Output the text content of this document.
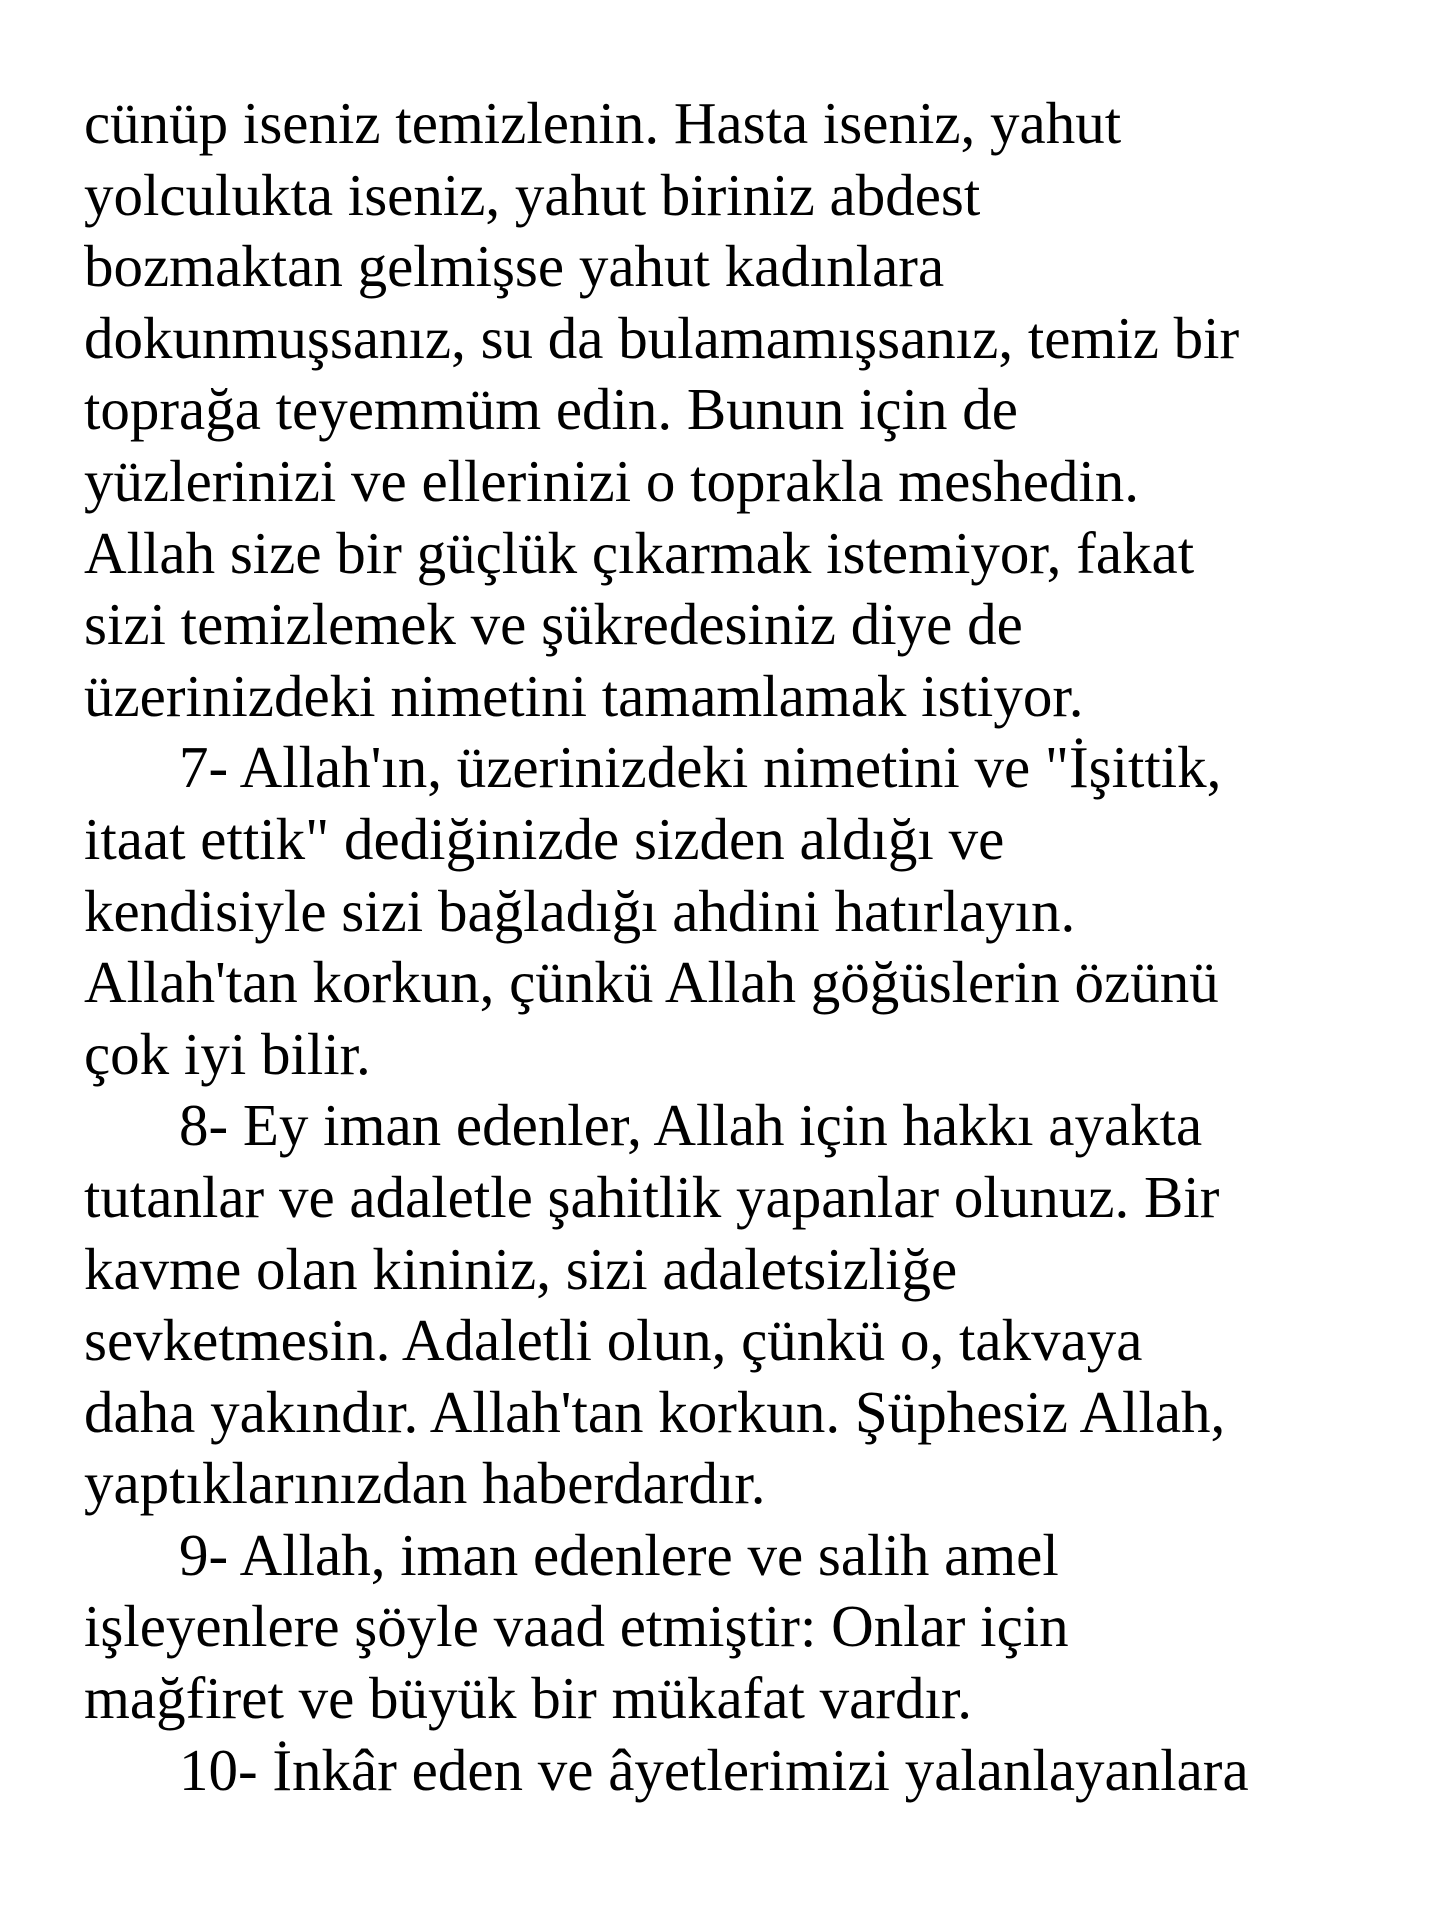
cünüp iseniz temizlenin. Hasta iseniz, yahut
yolculukta iseniz, yahut biriniz abdest
bozmaktan gelmişse yahut kadınlara
dokunmuşsanız, su da bulamamışsanız, temiz bir
toprağa teyemmüm edin. Bunun için de
yüzlerinizi ve ellerinizi o toprakla meshedin.
Allah size bir güçlük çıkarmak istemiyor, fakat
sizi temizlemek ve şükredesiniz diye de
üzerinizdeki nimetini tamamlamak istiyor.

7- Allah'ın, üzerinizdeki nimetini ve "İşittik,
itaat ettik" dediğinizde sizden aldığı ve
kendisiyle sizi bağladığı ahdini hatırlayın.
Allah'tan korkun, çünkü Allah göğüslerin özünü
çok iyi bilir.

8- Ey iman edenler, Allah için hakkı ayakta
tutanlar ve adaletle şahitlik yapanlar olunuz. Bir
kavme olan kininiz, sizi adaletsizliğe
sevketmesin. Adaletli olun, çünkü o, takvaya
daha yakındır. Allah'tan korkun. Şüphesiz Allah,
yaptıklarınızdan haberdardır.

9- Allah, iman edenlere ve salih amel
işleyenlere şöyle vaad etmiştir: Onlar için
mağfiret ve büyük bir mükafat vardır.

10- İnkâr eden ve âyetlerimizi yalanlayanlara
